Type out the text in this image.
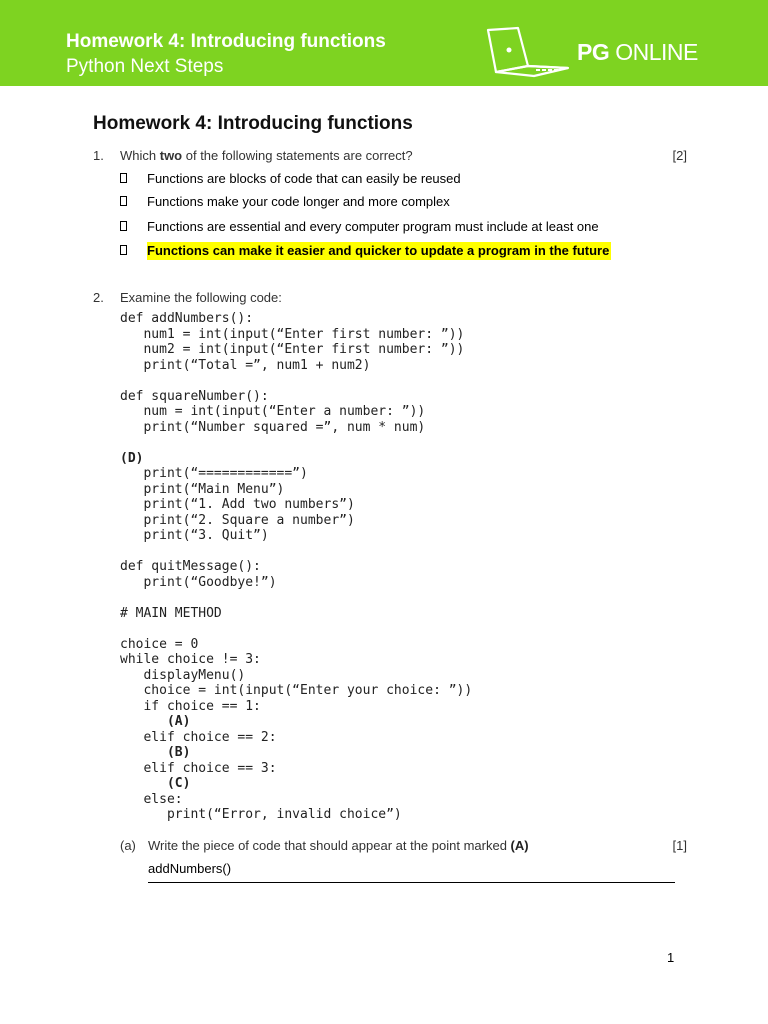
Homework 4: Introducing functions
Python Next Steps
PG ONLINE
Homework 4: Introducing functions
1. Which two of the following statements are correct?	[2]
Functions are blocks of code that can easily be reused
Functions make your code longer and more complex
Functions are essential and every computer program must include at least one
Functions can make it easier and quicker to update a program in the future
2. Examine the following code:
def addNumbers():
num1 = int(input(“Enter first number: ”))
num2 = int(input(“Enter first number: ”))
print(“Total =”, num1 + num2)
def squareNumber():
num = int(input(“Enter a number: ”))
print(“Number squared =”, num * num)
(D)
print(“============”)
print(“Main Menu”)
print(“1. Add two numbers”)
print(“2. Square a number”)
print(“3. Quit”)
def quitMessage():
print(“Goodbye!”)
# MAIN METHOD
choice = 0
while choice != 3:
displayMenu()
choice = int(input(“Enter your choice: ”))
if choice == 1:
(A)
elif choice == 2:
(B)
elif choice == 3:
(C)
else:
print(“Error, invalid choice”)
(a) Write the piece of code that should appear at the point marked (A)	[1]
addNumbers()
1
